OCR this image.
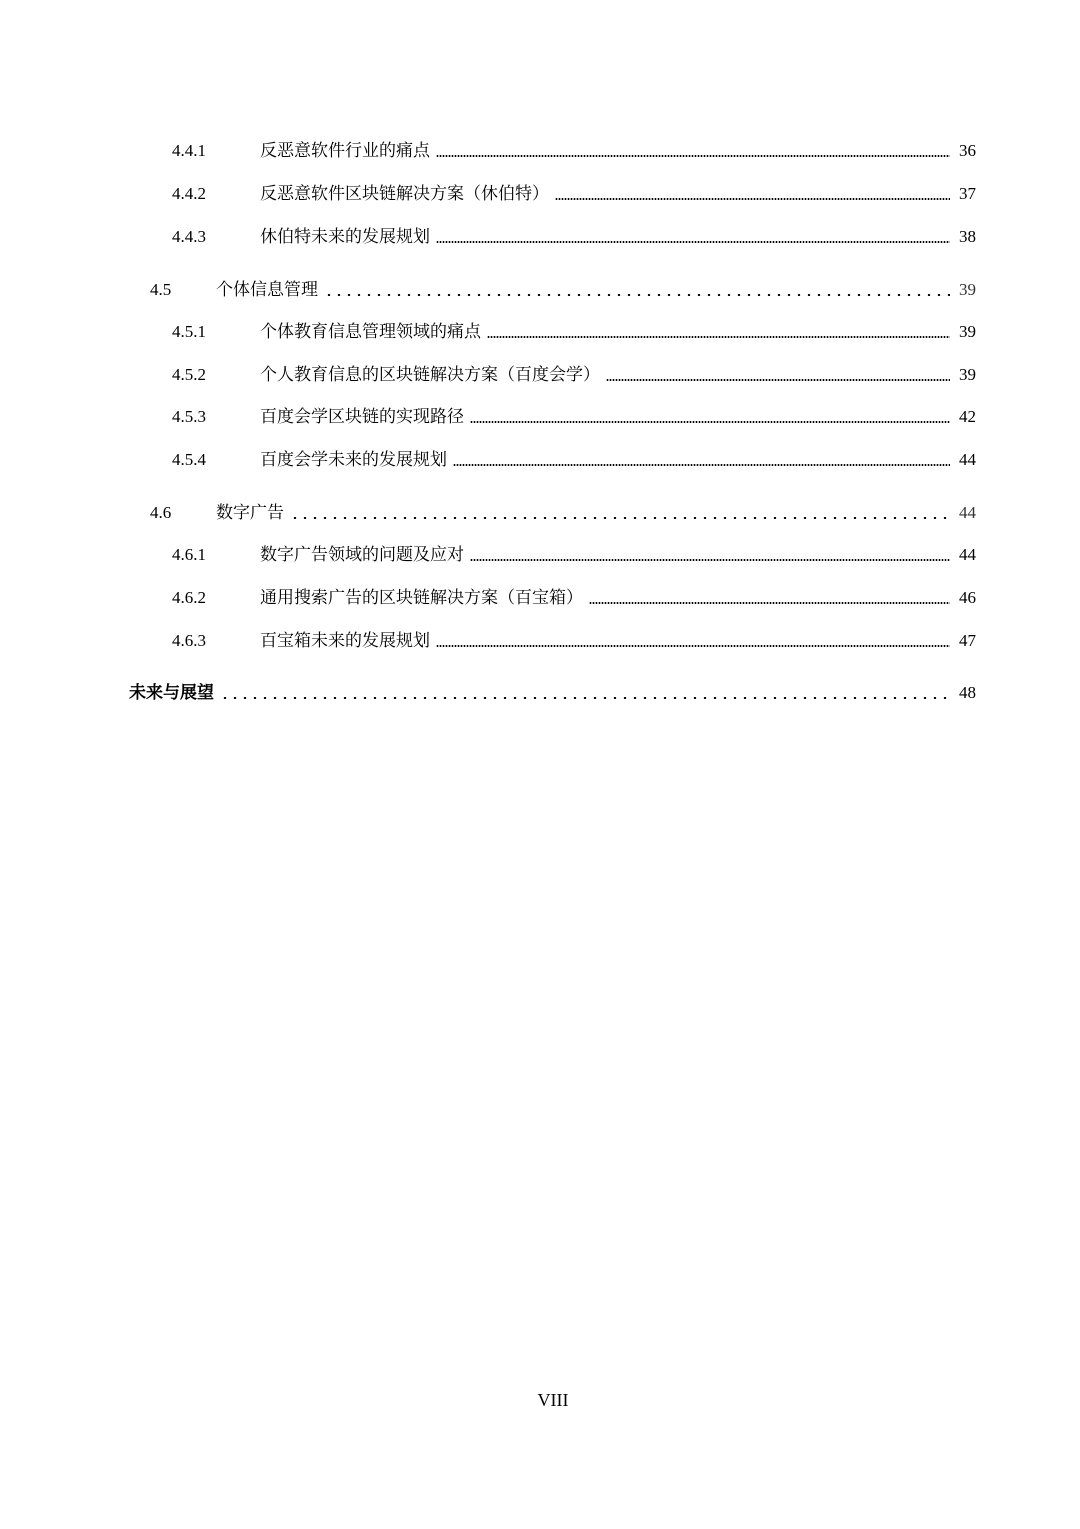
4.4.1	反恶意软件行业的痛点	36
4.4.2	反恶意软件区块链解决方案（休伯特）	37
4.4.3	休伯特未来的发展规划	38
4.5	个体信息管理	39
4.5.1	个体教育信息管理领域的痛点	39
4.5.2	个人教育信息的区块链解决方案（百度会学）	39
4.5.3	百度会学区块链的实现路径	42
4.5.4	百度会学未来的发展规划	44
4.6	数字广告	44
4.6.1	数字广告领域的问题及应对	44
4.6.2	通用搜索广告的区块链解决方案（百宝箱）	46
4.6.3	百宝箱未来的发展规划	47
未来与展望	48
VIII
